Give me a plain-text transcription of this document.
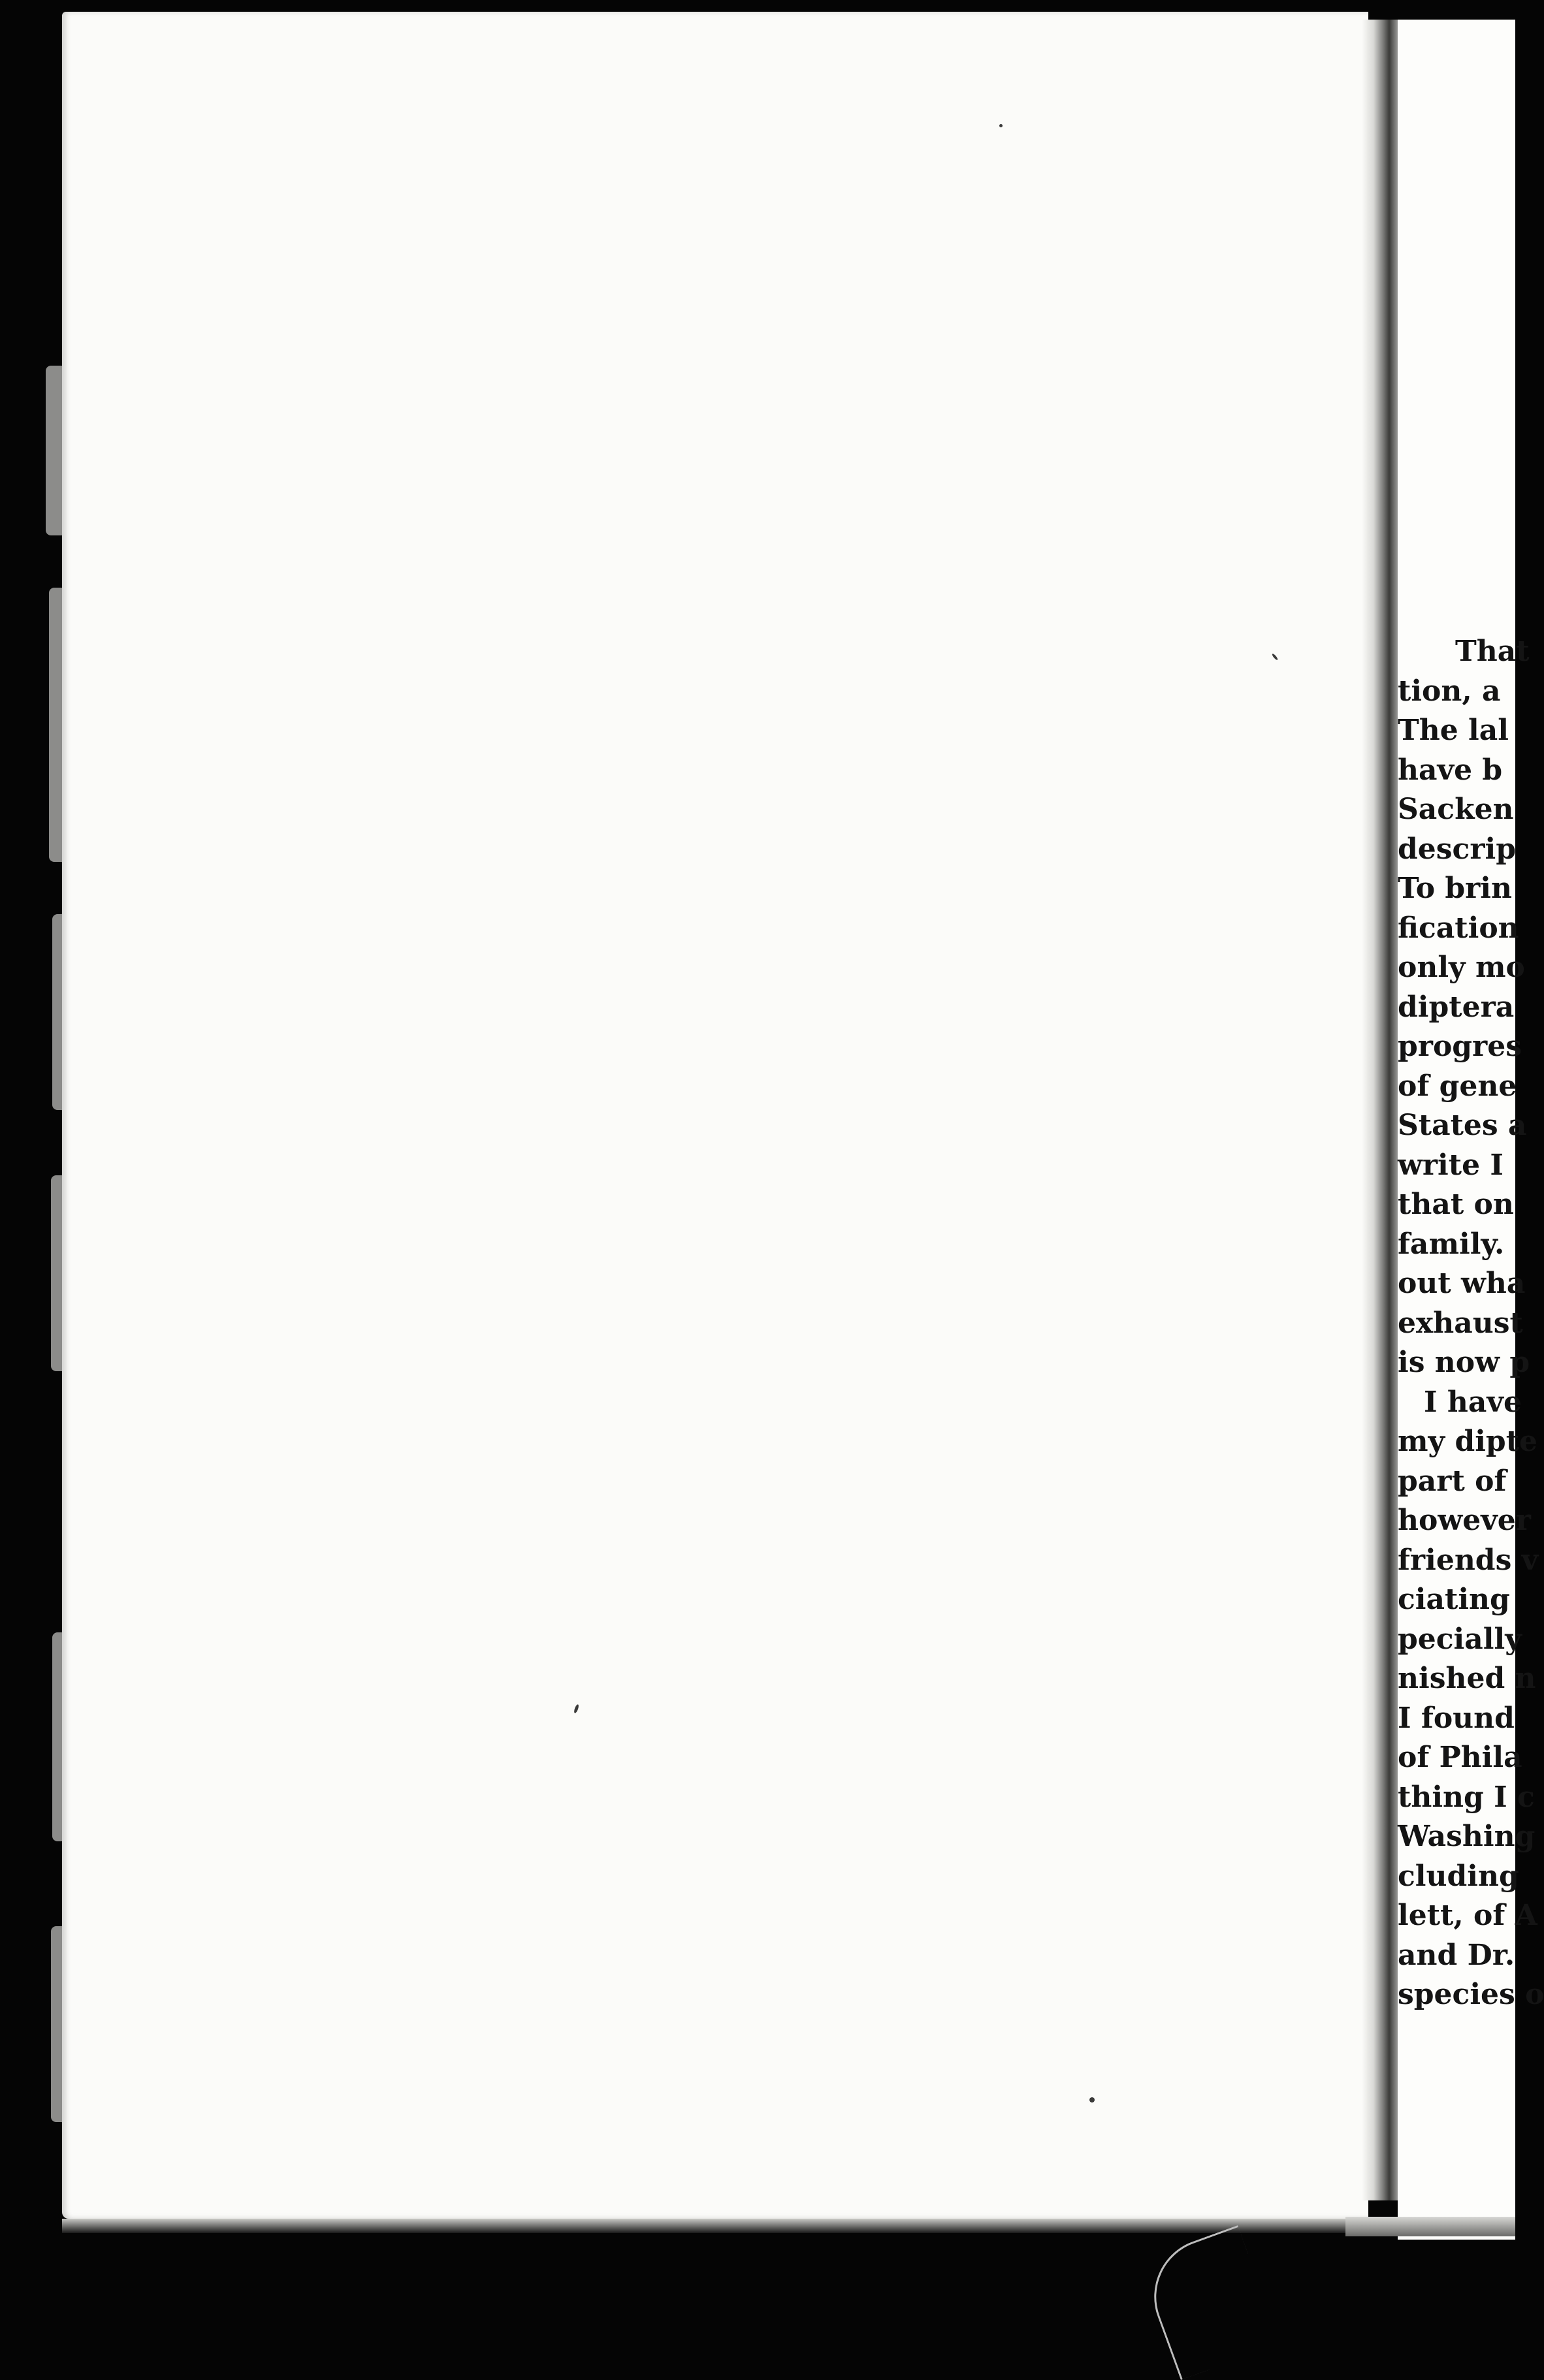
That
tion, a
The lal
have b
Sacken
descrip
To brin
fication
only mo
diptera
progres
of gene
States a
write I
that on
family.
out wha
exhaust
is now p
I have
my dipte
part of
however
friends v
ciating
pecially
nished n
I found
of Phila
thing I c
Washing
cluding
lett, of A
and Dr.
species o
